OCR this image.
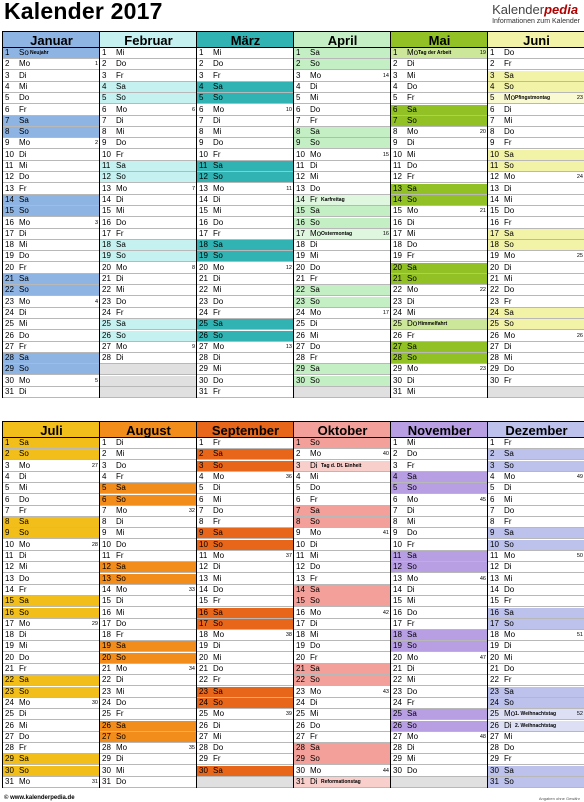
Kalender 2017	Kalenderpedia
Informationen zum Kalender
Januar
1	So Neujahr
2	Mo	1
3	Di
4	Mi
5	Do
6	Fr
7	Sa
8	So
9	Mo	2
10 Di
11 Mi
12 Do
13 Fr
14 Sa
15 So
16 Mo	3
17 Di
18 Mi
19 Do
20 Fr
21 Sa
22 So
23 Mo	4
24 Di
25 Mi
26 Do
27 Fr
28 Sa
29 So
30 Mo	5
31 Di
Februar
1	Mi
2	Do
3	Fr
4	Sa
5	So
6	Mo	6
7	Di
8	Mi
9	Do
10 Fr
11 Sa
12 So
13 Mo	7
14 Di
15 Mi
16 Do
17 Fr
18 Sa
19 So
20 Mo	8
21 Di
22 Mi
23 Do
24 Fr
25 Sa
26 So
27 Mo	9
28 Di
März
1	Mi
2	Do
3	Fr
4	Sa
5	So
6	Mo	10
7	Di
8	Mi
9	Do
10 Fr
11 Sa
12 So
13 Mo	11
14 Di
15 Mi
16 Do
17 Fr
18 Sa
19 So
20 Mo	12
21 Di
22 Mi
23 Do
24 Fr
25 Sa
26 So
27 Mo	13
28 Di
29 Mi
30 Do
31 Fr
April
1	Sa
2	So
3	Mo	14
4	Di
5	Mi
6	Do
7	Fr
8	Sa
9	So
10 Mo	15
11 Di
12 Mi
13 Do
14 Fr Karfreitag
15 Sa
16 So
17 Mo Ostermontag	16
18 Di
19 Mi
20 Do
21 Fr
22 Sa
23 So
24 Mo	17
25 Di
26 Mi
27 Do
28 Fr
29 Sa
30 So
Mai
1	Mo Tag der Arbeit	19
2	Di
3	Mi
4	Do
5	Fr
6	Sa
7	So
8	Mo	20
9	Di
10 Mi
11 Do
12 Fr
13 Sa
14 So
15 Mo	21
16 Di
17 Mi
18 Do
19 Fr
20 Sa
21 So
22 Mo	22
23 Di
24 Mi
25 Do Himmelfahrt
26 Fr
27 Sa
28 So
29 Mo	23
30 Di
31 Mi
Juni
1	Do
2	Fr
3	Sa
4	So
5	Mo Pfingstmontag	23
6	Di
7	Mi
8	Do
9	Fr
10 Sa
11 So
12 Mo	24
13 Di
14 Mi
15 Do
16 Fr
17 Sa
18 So
19 Mo	25
20 Di
21 Mi
22 Do
23 Fr
24 Sa
25 So
26 Mo	26
27 Di
28 Mi
29 Do
30 Fr
Juli
1	Sa
2	So
3	Mo	27
4	Di
5	Mi
6	Do
7	Fr
8	Sa
9	So
10 Mo	28
11 Di
12 Mi
13 Do
14 Fr
15 Sa
16 So
17 Mo	29
18 Di
19 Mi
20 Do
21 Fr
22 Sa
23 So
24 Mo	30
25 Di
26 Mi
27 Do
28 Fr
29 Sa
30 So
31 Mo	31
August
1	Di
2	Mi
3	Do
4	Fr
5	Sa
6	So
7	Mo	32
8	Di
9	Mi
10 Do
11 Fr
12 Sa
13 So
14 Mo	33
15 Di
16 Mi
17 Do
18 Fr
19 Sa
20 So
21 Mo	34
22 Di
23 Mi
24 Do
25 Fr
26 Sa
27 So
28 Mo	35
29 Di
30 Mi
31 Do
September
1	Fr
2	Sa
3	So
4	Mo	36
5	Di
6	Mi
7	Do
8	Fr
9	Sa
10 So
11 Mo	37
12 Di
13 Mi
14 Do
15 Fr
16 Sa
17 So
18 Mo	38
19 Di
20 Mi
21 Do
22 Fr
23 Sa
24 So
25 Mo	39
26 Di
27 Mi
28 Do
29 Fr
30 Sa
Oktober
1	So
2	Mo	40
3	Di Tag d. Dt. Einheit
4	Mi
5	Do
6	Fr
7	Sa
8	So
9	Mo	41
10 Di
11 Mi
12 Do
13 Fr
14 Sa
15 So
16 Mo	42
17 Di
18 Mi
19 Do
20 Fr
21 Sa
22 So
23 Mo	43
24 Di
25 Mi
26 Do
27 Fr
28 Sa
29 So
30 Mo	44
31 Di Reformationstag
November
1	Mi
2	Do
3	Fr
4	Sa
5	So
6	Mo	45
7	Di
8	Mi
9	Do
10 Fr
11 Sa
12 So
13 Mo	46
14 Di
15 Mi
16 Do
17 Fr
18 Sa
19 So
20 Mo	47
21 Di
22 Mi
23 Do
24 Fr
25 Sa
26 So
27 Mo	48
28 Di
29 Mi
30 Do
Dezember
1	Fr
2	Sa
3	So
4	Mo	49
5	Di
6	Mi
7	Do
8	Fr
9	Sa
10 So
11 Mo	50
12 Di
13 Mi
14 Do
15 Fr
16 Sa
17 So
18 Mo	51
19 Di
20 Mi
21 Do
22 Fr
23 Sa
24 So
25 Mo 1. Weihnachtstag	52
26 Di 2. Weihnachtstag
27 Mi
28 Do
29 Fr
30 Sa
31 So
© www.kalenderpedia.de	Angaben ohne Gewähr
